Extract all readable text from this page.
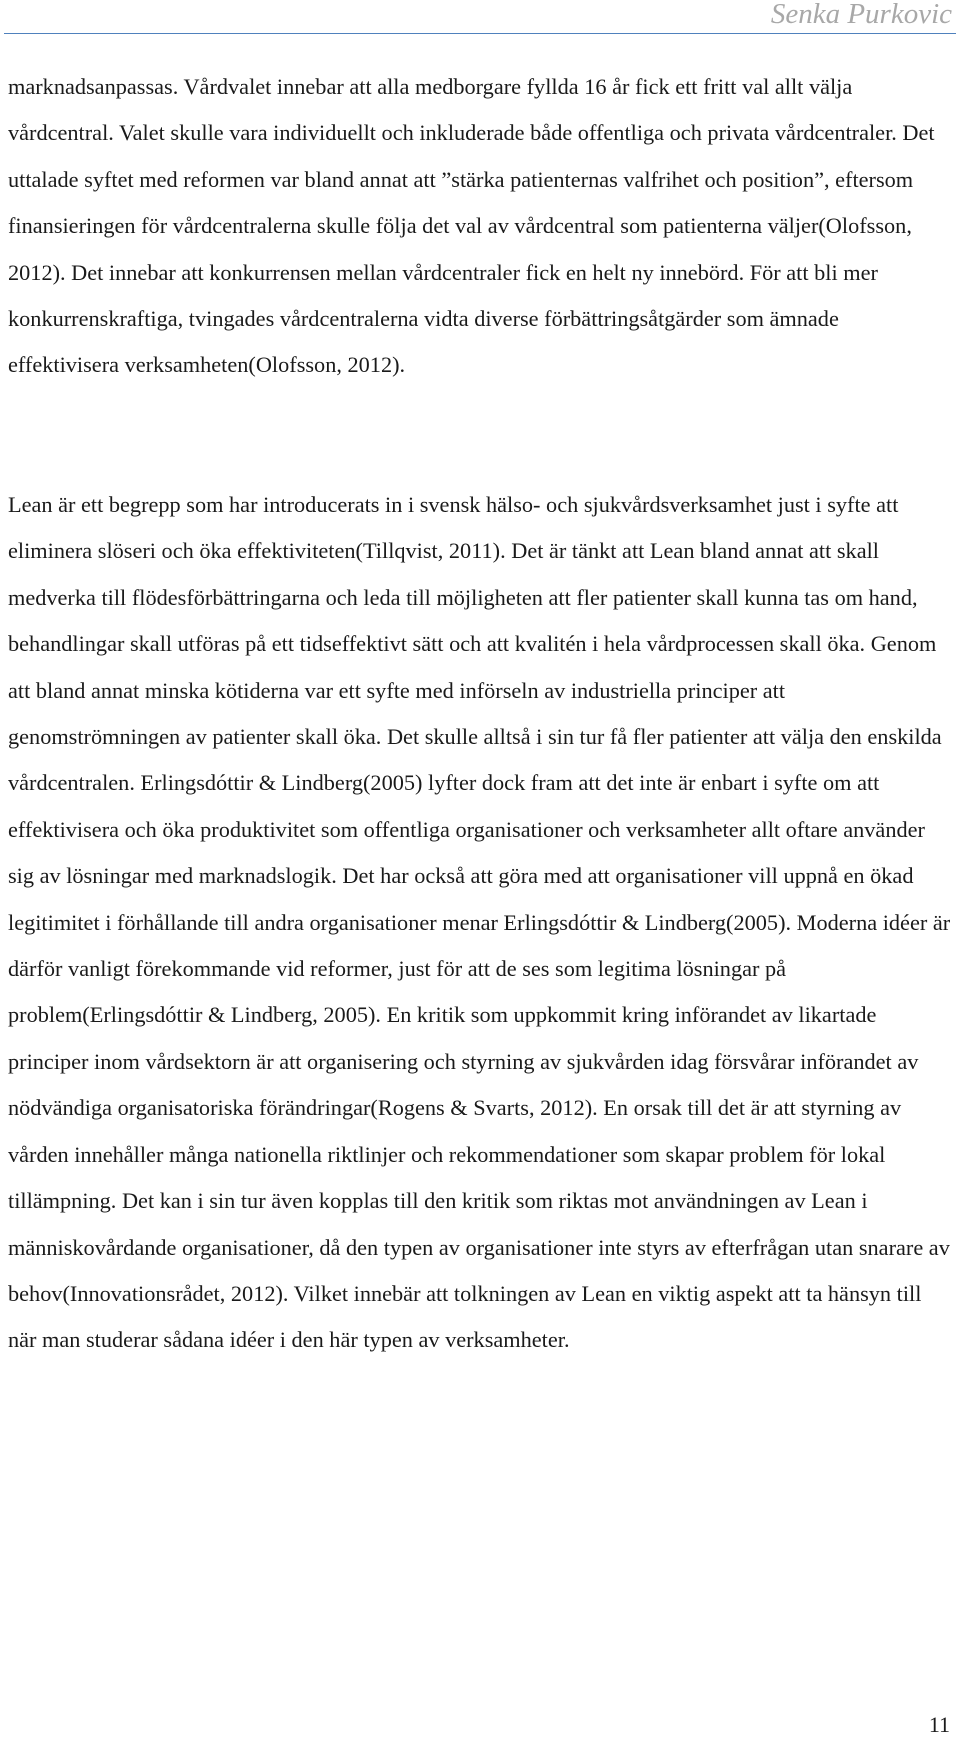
Senka Purkovic

marknadsanpassas. Vårdvalet innebar att alla medborgare fyllda 16 år fick ett fritt val allt välja vårdcentral. Valet skulle vara individuellt och inkluderade både offentliga och privata vårdcentraler. Det uttalade syftet med reformen var bland annat att ”stärka patienternas valfrihet och position”, eftersom finansieringen för vårdcentralerna skulle följa det val av vårdcentral som patienterna väljer(Olofsson, 2012). Det innebar att konkurrensen mellan vårdcentraler fick en helt ny innebörd. För att bli mer konkurrenskraftiga, tvingades vårdcentralerna vidta diverse förbättringsåtgärder som ämnade effektivisera verksamheten(Olofsson, 2012).

Lean är ett begrepp som har introducerats in i svensk hälso- och sjukvårdsverksamhet just i syfte att eliminera slöseri och öka effektiviteten(Tillqvist, 2011). Det är tänkt att Lean bland annat att skall medverka till flödesförbättringarna och leda till möjligheten att fler patienter skall kunna tas om hand, behandlingar skall utföras på ett tidseffektivt sätt och att kvalitén i hela vårdprocessen skall öka. Genom att bland annat minska kötiderna var ett syfte med införseln av industriella principer att genomströmningen av patienter skall öka. Det skulle alltså i sin tur få fler patienter att välja den enskilda vårdcentralen. Erlingsdóttir & Lindberg(2005) lyfter dock fram att det inte är enbart i syfte om att effektivisera och öka produktivitet som offentliga organisationer och verksamheter allt oftare använder sig av lösningar med marknadslogik. Det har också att göra med att organisationer vill uppnå en ökad legitimitet i förhållande till andra organisationer menar Erlingsdóttir & Lindberg(2005). Moderna idéer är därför vanligt förekommande vid reformer, just för att de ses som legitima lösningar på problem(Erlingsdóttir & Lindberg, 2005). En kritik som uppkommit kring införandet av likartade principer inom vårdsektorn är att organisering och styrning av sjukvården idag försvårar införandet av nödvändiga organisatoriska förändringar(Rogens & Svarts, 2012). En orsak till det är att styrning av vården innehåller många nationella riktlinjer och rekommendationer som skapar problem för lokal tillämpning. Det kan i sin tur även kopplas till den kritik som riktas mot användningen av Lean i människovårdande organisationer, då den typen av organisationer inte styrs av efterfrågan utan snarare av behov(Innovationsrådet, 2012). Vilket innebär att tolkningen av Lean en viktig aspekt att ta hänsyn till när man studerar sådana idéer i den här typen av verksamheter.

11
